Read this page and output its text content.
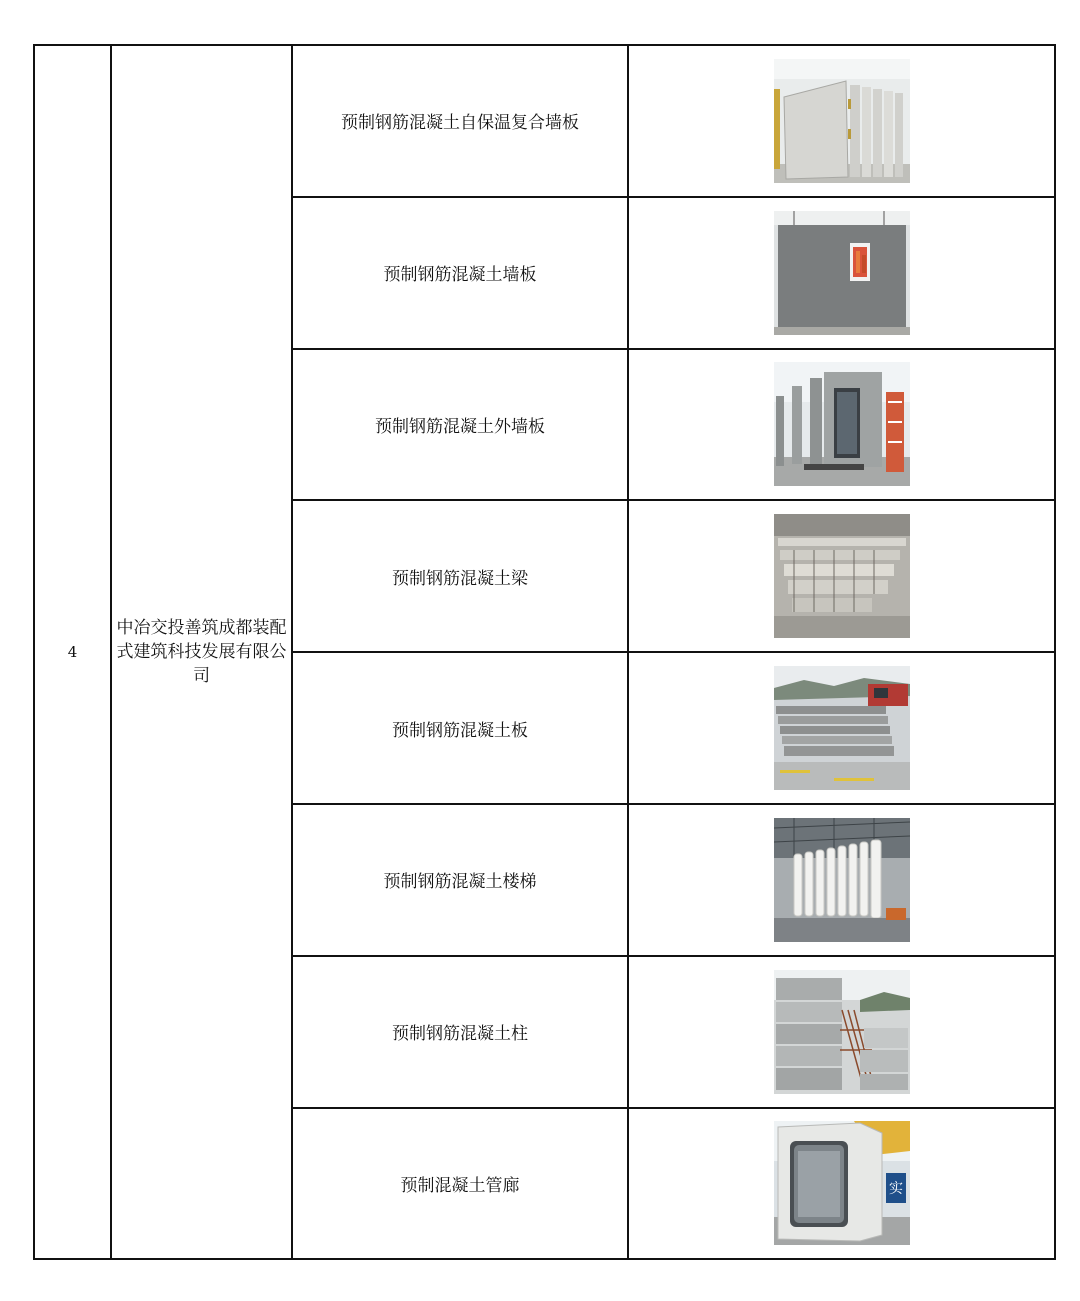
4	中冶交投善筑成都装配式建筑科技发展有限公司	预制钢筋混凝土自保温复合墙板	

		预制钢筋混凝土墙板	

		预制钢筋混凝土外墙板	

		预制钢筋混凝土梁	

		预制钢筋混凝土板	

		预制钢筋混凝土楼梯	

		预制钢筋混凝土柱	

		预制混凝土管廊	实
